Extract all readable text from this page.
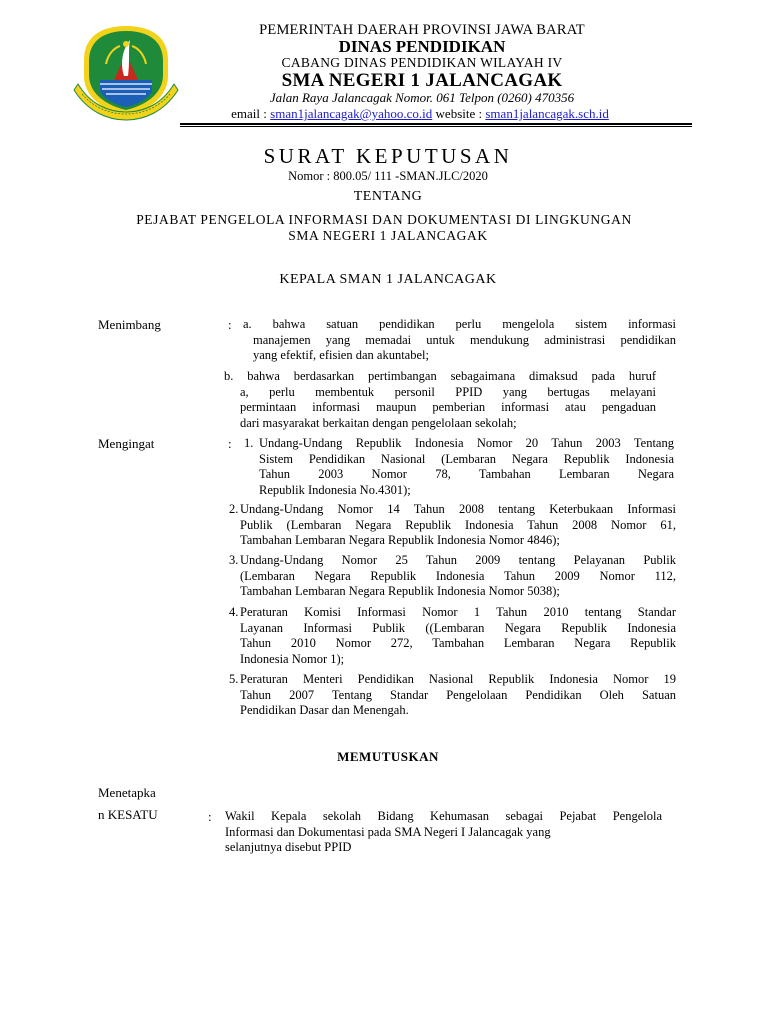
PEMERINTAH DAERAH PROVINSI JAWA BARAT
DINAS PENDIDIKAN
CABANG DINAS PENDIDIKAN WILAYAH IV
SMA NEGERI 1 JALANCAGAK
Jalan Raya Jalancagak Nomor. 061 Telpon (0260) 470356
email : sman1jalancagak@yahoo.co.id website : sman1jalancagak.sch.id
SURAT KEPUTUSAN
Nomor : 800.05/ 111 -SMAN.JLC/2020
TENTANG
PEJABAT PENGELOLA INFORMASI DAN DOKUMENTASI DI LINGKUNGAN
SMA NEGERI 1 JALANCAGAK
KEPALA SMAN 1 JALANCAGAK
Menimbang	: a. bahwa satuan pendidikan perlu mengelola sistem informasi
manajemen yang memadai untuk mendukung administrasi pendidikan
yang efektif, efisien dan akuntabel;
b. bahwa berdasarkan pertimbangan sebagaimana dimaksud pada huruf
a, perlu membentuk personil PPID yang bertugas melayani
permintaan informasi maupun pemberian informasi atau pengaduan
dari masyarakat berkaitan dengan pengelolaan sekolah;
Mengingat	: 1. Undang-Undang Republik Indonesia Nomor 20 Tahun 2003 Tentang
Sistem Pendidikan Nasional (Lembaran Negara Republik Indonesia
Tahun 2003 Nomor 78, Tambahan Lembaran Negara
Republik Indonesia No.4301);
2. Undang-Undang Nomor 14 Tahun 2008 tentang Keterbukaan Informasi
Publik (Lembaran Negara Republik Indonesia Tahun 2008 Nomor 61,
Tambahan Lembaran Negara Republik Indonesia Nomor 4846);
3. Undang-Undang Nomor 25 Tahun 2009 tentang Pelayanan Publik
(Lembaran Negara Republik Indonesia Tahun 2009 Nomor 112,
Tambahan Lembaran Negara Republik Indonesia Nomor 5038);
4. Peraturan Komisi Informasi Nomor 1 Tahun 2010 tentang Standar
Layanan Informasi Publik ((Lembaran Negara Republik Indonesia
Tahun 2010 Nomor 272, Tambahan Lembaran Negara Republik
Indonesia Nomor 1);
5. Peraturan Menteri Pendidikan Nasional Republik Indonesia Nomor 19
Tahun 2007 Tentang Standar Pengelolaan Pendidikan Oleh Satuan
Pendidikan Dasar dan Menengah.
MEMUTUSKAN
Menetapka
n KESATU	: Wakil Kepala sekolah Bidang Kehumasan sebagai Pejabat Pengelola
Informasi dan Dokumentasi pada SMA Negeri I Jalancagak yang
selanjutnya disebut PPID
